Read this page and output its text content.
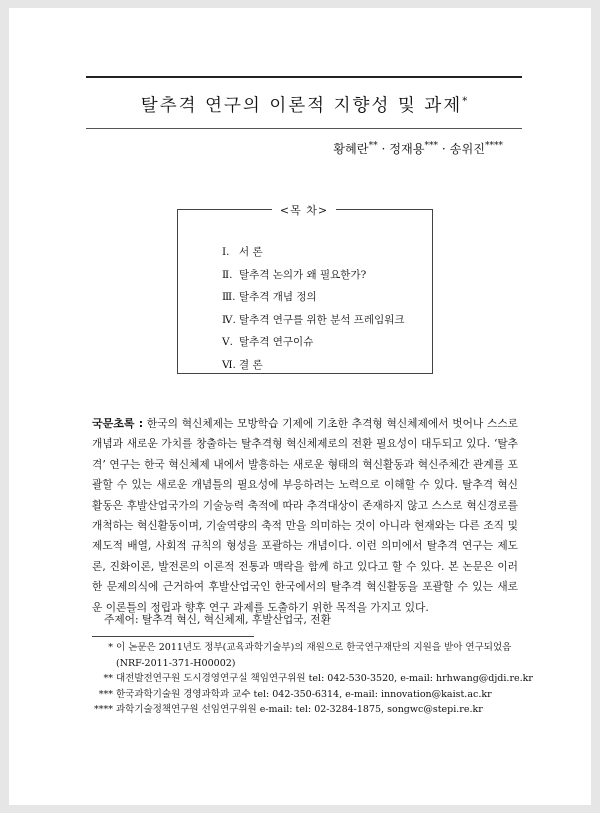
탈추격 연구의 이론적 지향성 및 과제*
황혜란** · 정재용*** · 송위진****
<목 차>
Ⅰ. 서 론
Ⅱ. 탈추격 논의가 왜 필요한가?
Ⅲ. 탈추격 개념 정의
Ⅳ. 탈추격 연구를 위한 분석 프레임워크
Ⅴ. 탈추격 연구이슈
Ⅵ. 결 론
국문초록 : 한국의 혁신체제는 모방학습 기제에 기초한 추격형 혁신체제에서 벗어나 스스로 개념과 새로운 가치를 창출하는 탈추격형 혁신체제로의 전환 필요성이 대두되고 있다. ‘탈추격’ 연구는 한국 혁신체제 내에서 발흥하는 새로운 형태의 혁신활동과 혁신주체간 관계를 포괄할 수 있는 새로운 개념틀의 필요성에 부응하려는 노력으로 이해할 수 있다. 탈추격 혁신활동은 후발산업국가의 기술능력 축적에 따라 추격대상이 존재하지 않고 스스로 혁신경로를 개척하는 혁신활동이며, 기술역량의 축적 만을 의미하는 것이 아니라 현재와는 다른 조직 및 제도적 배열, 사회적 규칙의 형성을 포괄하는 개념이다. 이런 의미에서 탈추격 연구는 제도론, 진화이론, 발전론의 이론적 전통과 맥락을 함께 하고 있다고 할 수 있다. 본 논문은 이러한 문제의식에 근거하여 후발산업국인 한국에서의 탈추격 혁신활동을 포괄할 수 있는 새로운 이론틀의 정립과 향후 연구 과제를 도출하기 위한 목적을 가지고 있다.
주제어: 탈추격 혁신, 혁신체제, 후발산업국, 전환
* 이 논문은 2011년도 정부(교육과학기술부)의 재원으로 한국연구재단의 지원을 받아 연구되었음(NRF-2011-371-H00002)
** 대전발전연구원 도시경영연구실 책임연구위원 tel: 042-530-3520, e-mail: hrhwang@djdi.re.kr
*** 한국과학기술원 경영과학과 교수 tel: 042-350-6314, e-mail: innovation@kaist.ac.kr
**** 과학기술정책연구원 선임연구위원 e-mail: tel: 02-3284-1875, songwc@stepi.re.kr
